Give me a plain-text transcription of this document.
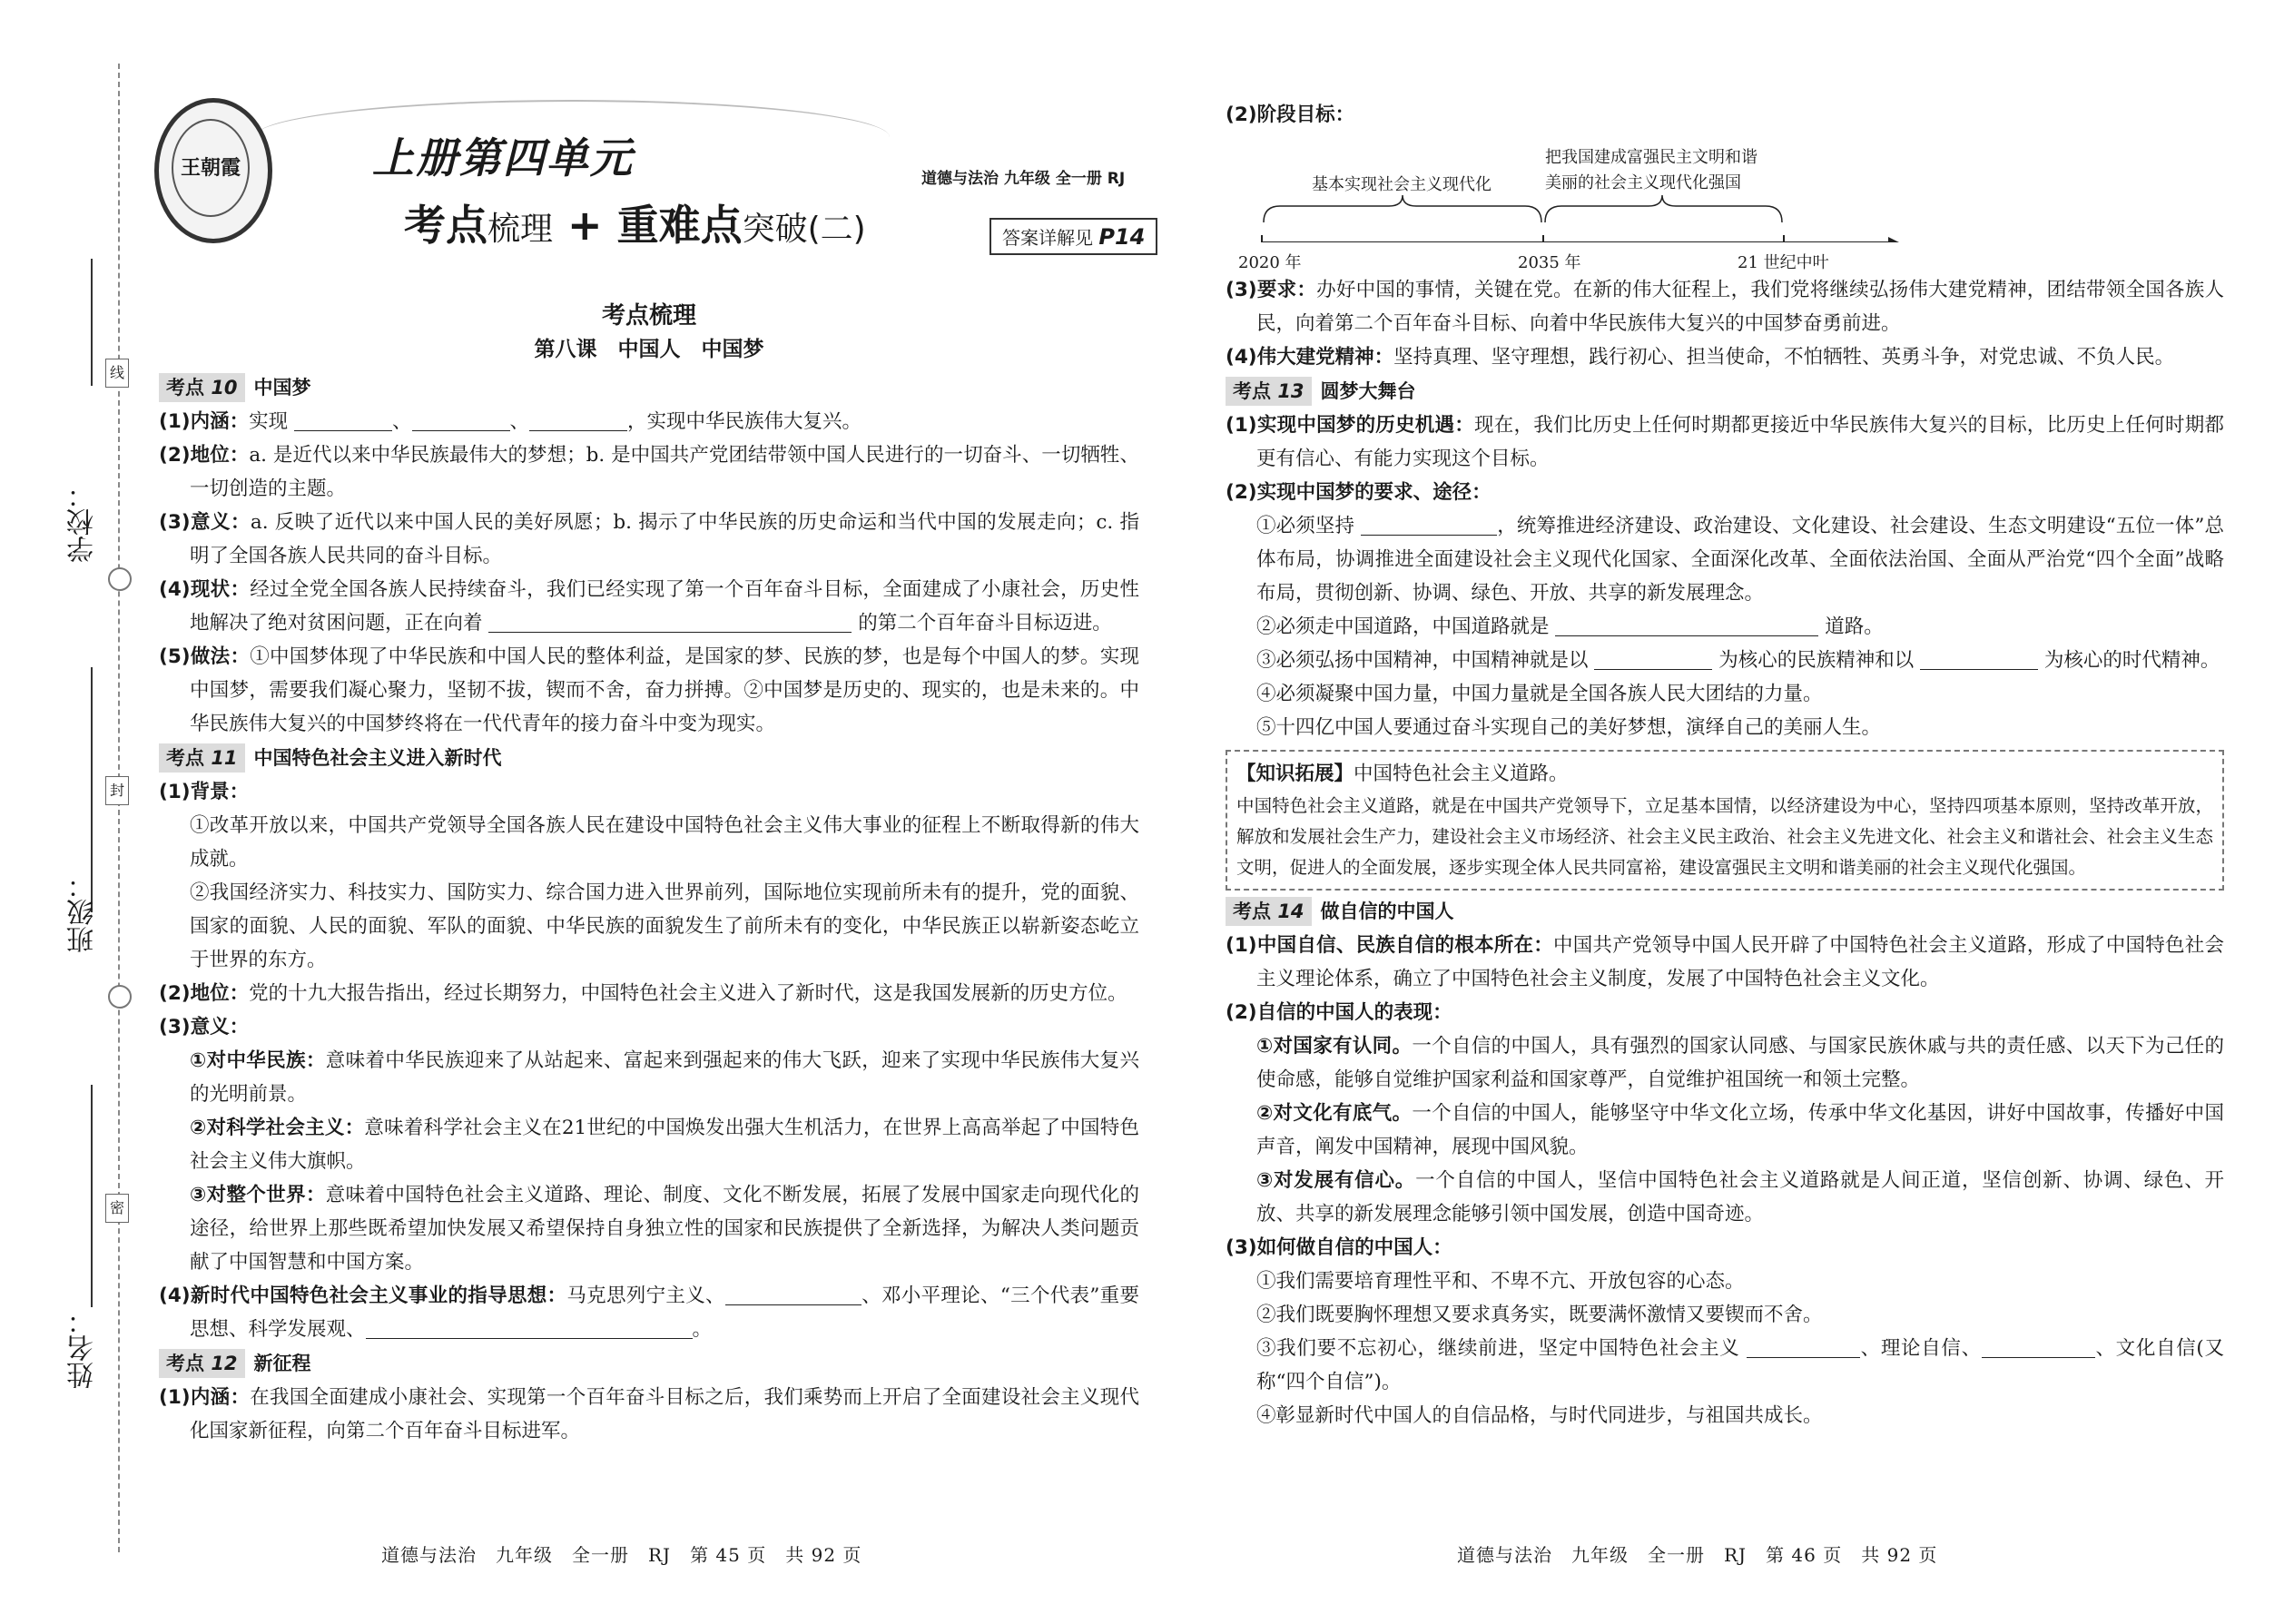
学校：
班级：
姓名：
线
封
密
王朝霞	上册第四单元
考点梳理 + 重难点突破(二)
道德与法治 九年级 全一册 RJ
答案详解见 P14
考点梳理
第八课　中国人　中国梦
考点 10 中国梦

(1)内涵：实现	、	、	，实现中华民族伟大复兴。

(2)地位：a. 是近代以来中华民族最伟大的梦想；b. 是中国共产党团结带领中国人民进行的一切奋斗、一切牺牲、一切创造的主题。

(3)意义：a. 反映了近代以来中国人民的美好夙愿；b. 揭示了中华民族的历史命运和当代中国的发展走向；c. 指明了全国各族人民共同的奋斗目标。

(4)现状：经过全党全国各族人民持续奋斗，我们已经实现了第一个百年奋斗目标，全面建成了小康社会，历史性地解决了绝对贫困问题，正在向着	的第二个百年奋斗目标迈进。

(5)做法：①中国梦体现了中华民族和中国人民的整体利益，是国家的梦、民族的梦，也是每个中国人的梦。实现中国梦，需要我们凝心聚力，坚韧不拔，锲而不舍，奋力拼搏。②中国梦是历史的、现实的，也是未来的。中华民族伟大复兴的中国梦终将在一代代青年的接力奋斗中变为现实。

考点 11 中国特色社会主义进入新时代

(1)背景：

①改革开放以来，中国共产党领导全国各族人民在建设中国特色社会主义伟大事业的征程上不断取得新的伟大成就。

②我国经济实力、科技实力、国防实力、综合国力进入世界前列，国际地位实现前所未有的提升，党的面貌、国家的面貌、人民的面貌、军队的面貌、中华民族的面貌发生了前所未有的变化，中华民族正以崭新姿态屹立于世界的东方。

(2)地位：党的十九大报告指出，经过长期努力，中国特色社会主义进入了新时代，这是我国发展新的历史方位。

(3)意义：

①对中华民族：意味着中华民族迎来了从站起来、富起来到强起来的伟大飞跃，迎来了实现中华民族伟大复兴的光明前景。

②对科学社会主义：意味着科学社会主义在21世纪的中国焕发出强大生机活力，在世界上高高举起了中国特色社会主义伟大旗帜。

③对整个世界：意味着中国特色社会主义道路、理论、制度、文化不断发展，拓展了发展中国家走向现代化的途径，给世界上那些既希望加快发展又希望保持自身独立性的国家和民族提供了全新选择，为解决人类问题贡献了中国智慧和中国方案。

(4)新时代中国特色社会主义事业的指导思想：马克思列宁主义、	、邓小平理论、“三个代表”重要思想、科学发展观、	。

考点 12 新征程

(1)内涵：在我国全面建成小康社会、实现第一个百年奋斗目标之后，我们乘势而上开启了全面建设社会主义现代化国家新征程，向第二个百年奋斗目标进军。

道德与法治　九年级　全一册　RJ　第 45 页　共 92 页

(2)阶段目标：

基本实现社会主义现代化
把我国建成富强民主文明和谐
美丽的社会主义现代化强国
2020 年	2035 年	21 世纪中叶

(3)要求：办好中国的事情，关键在党。在新的伟大征程上，我们党将继续弘扬伟大建党精神，团结带领全国各族人民，向着第二个百年奋斗目标、向着中华民族伟大复兴的中国梦奋勇前进。

(4)伟大建党精神：坚持真理、坚守理想，践行初心、担当使命，不怕牺牲、英勇斗争，对党忠诚、不负人民。

考点 13 圆梦大舞台

(1)实现中国梦的历史机遇：现在，我们比历史上任何时期都更接近中华民族伟大复兴的目标，比历史上任何时期都更有信心、有能力实现这个目标。

(2)实现中国梦的要求、途径：

①必须坚持	，统筹推进经济建设、政治建设、文化建设、社会建设、生态文明建设“五位一体”总体布局，协调推进全面建设社会主义现代化国家、全面深化改革、全面依法治国、全面从严治党“四个全面”战略布局，贯彻创新、协调、绿色、开放、共享的新发展理念。

②必须走中国道路，中国道路就是	道路。

③必须弘扬中国精神，中国精神就是以	为核心的民族精神和以	为核心的时代精神。

④必须凝聚中国力量，中国力量就是全国各族人民大团结的力量。

⑤十四亿中国人要通过奋斗实现自己的美好梦想，演绎自己的美丽人生。

【知识拓展】中国特色社会主义道路。

中国特色社会主义道路，就是在中国共产党领导下，立足基本国情，以经济建设为中心，坚持四项基本原则，坚持改革开放，解放和发展社会生产力，建设社会主义市场经济、社会主义民主政治、社会主义先进文化、社会主义和谐社会、社会主义生态文明，促进人的全面发展，逐步实现全体人民共同富裕，建设富强民主文明和谐美丽的社会主义现代化强国。

考点 14 做自信的中国人

(1)中国自信、民族自信的根本所在：中国共产党领导中国人民开辟了中国特色社会主义道路，形成了中国特色社会主义理论体系，确立了中国特色社会主义制度，发展了中国特色社会主义文化。

(2)自信的中国人的表现：

①对国家有认同。一个自信的中国人，具有强烈的国家认同感、与国家民族休戚与共的责任感、以天下为己任的使命感，能够自觉维护国家利益和国家尊严，自觉维护祖国统一和领土完整。

②对文化有底气。一个自信的中国人，能够坚守中华文化立场，传承中华文化基因，讲好中国故事，传播好中国声音，阐发中国精神，展现中国风貌。

③对发展有信心。一个自信的中国人，坚信中国特色社会主义道路就是人间正道，坚信创新、协调、绿色、开放、共享的新发展理念能够引领中国发展，创造中国奇迹。

(3)如何做自信的中国人：

①我们需要培育理性平和、不卑不亢、开放包容的心态。

②我们既要胸怀理想又要求真务实，既要满怀激情又要锲而不舍。

③我们要不忘初心，继续前进，坚定中国特色社会主义	、理论自信、	、文化自信(又称“四个自信”)。

④彰显新时代中国人的自信品格，与时代同进步，与祖国共成长。

道德与法治　九年级　全一册　RJ　第 46 页　共 92 页
